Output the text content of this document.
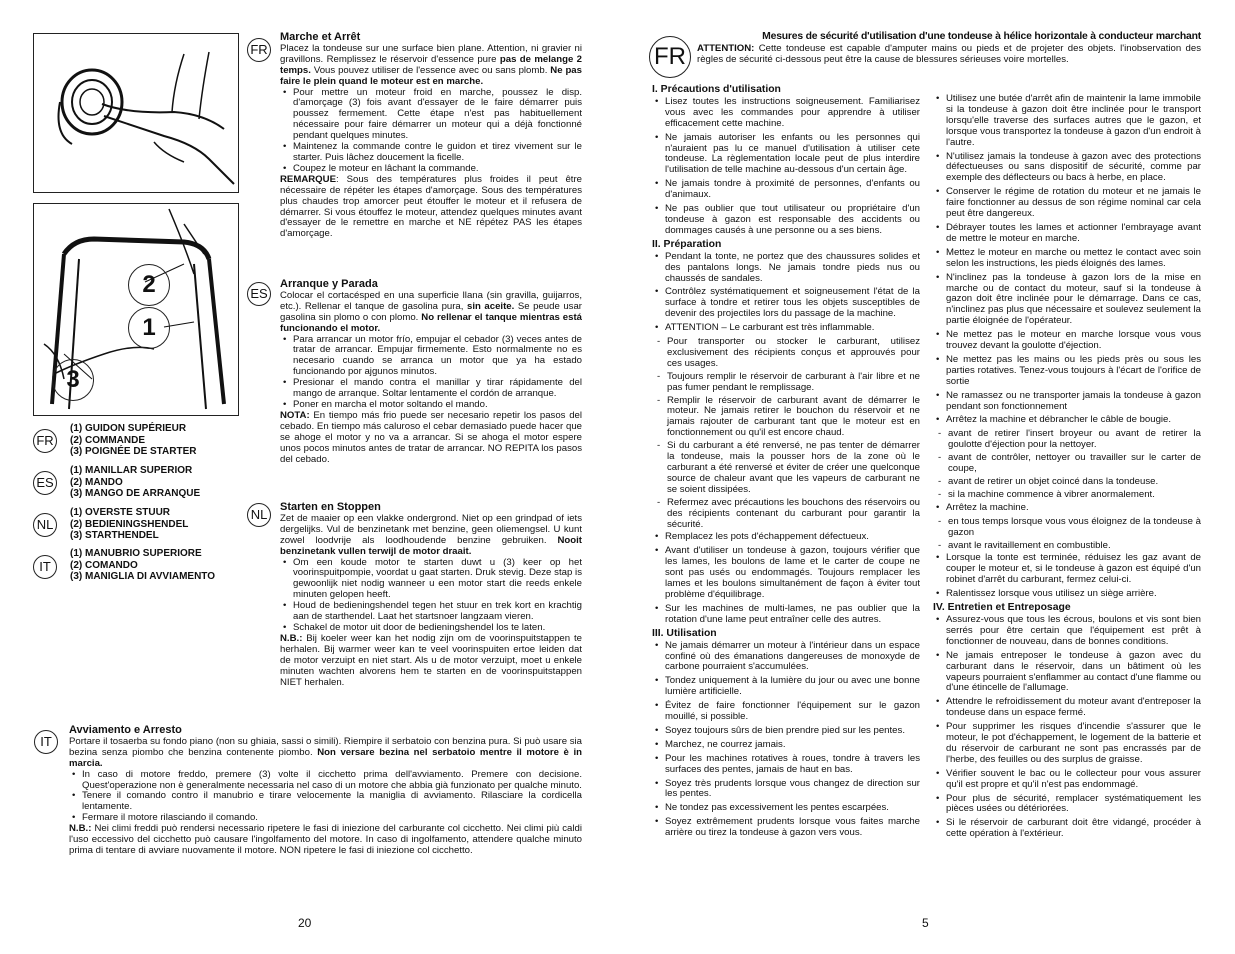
2
1
3
FR
(1) GUIDON SUPÉRIEUR
(2) COMMANDE
(3) POIGNÉE DE STARTER
ES
(1) MANILLAR SUPERIOR
(2) MANDO
(3) MANGO DE ARRANQUE
NL
(1) OVERSTE STUUR
(2) BEDIENINGSHENDEL
(3) STARTHENDEL
IT
(1) MANUBRIO SUPERIORE
(2) COMANDO
(3) MANIGLIA DI AVVIAMENTO
FR
Marche et Arrêt

Placez la tondeuse sur une surface bien plane. Attention, ni gravier ni gravillons. Remplissez le réservoir d'essence pure pas de melange 2 temps. Vous pouvez utiliser de l'essence avec ou sans plomb. Ne pas faire le plein quand le moteur est en marche.

• Pour mettre un moteur froid en marche, poussez le disp. d'amorçage (3) fois avant d'essayer de le faire démarrer puis poussez fermement. Cette étape n'est pas habituellement nécessaire pour faire démarrer un moteur qui a déjà fonctionné pendant quelques minutes.
• Maintenez la commande contre le guidon et tirez vivement sur le starter. Puis lâchez doucement la ficelle.
• Coupez le moteur en lâchant la commande.

REMARQUE: Sous des températures plus froides il peut être nécessaire de répéter les étapes d'amorçage. Sous des températures plus chaudes trop amorcer peut étouffer le moteur et il refusera de démarrer. Si vous étouffez le moteur, attendez quelques minutes avant d'essayer de le remettre en marche et NE répétez PAS les étapes d'amorçage.

ES
Arranque y Parada

Colocar el cortacésped en una superficie llana (sin gravilla, guijarros, etc.). Rellenar el tanque de gasolina pura, sin aceite. Se peude usar gasolina sin plomo o con plomo. No rellenar el tanque mientras está funcionando el motor.

• Para arrancar un motor frío, empujar el cebador (3) veces antes de tratar de arrancar. Empujar firmemente. Esto normalmente no es necesario cuando se arranca un motor que ya ha estado funcionando por ajgunos minutos.
• Presionar el mando contra el manillar y tirar rápidamente del mango de arranque. Soltar lentamente el cordón de arranque.
• Poner en marcha el motor soltando el mando.

NOTA: En tiempo más frio puede ser necesario repetir los pasos del cebado. En tiempo más caluroso el cebar demasiado puede hacer que se ahoge el motor y no va a arrancar. Si se ahoga el motor espere unos pocos minutos antes de tratar de arrancar. NO REPITA los pasos del cebado.

NL	Starten en Stoppen

Zet de maaier op een vlakke ondergrond. Niet op een grindpad of iets dergelijks. Vul de benzinetank met benzine, geen oliemengsel. U kunt zowel loodvrije als loodhoudende benzine gebruiken. Nooit benzinetank vullen terwijl de motor draait.

• Om een koude motor te starten duwt u (3) keer op het voorinspuitpompie, voordat u gaat starten. Druk stevig. Deze stap is gewoonlijk niet nodig wanneer u een motor start die reeds enkele minuten gelopen heeft.
• Houd de bedieningshendel tegen het stuur en trek kort en krachtig aan de starthendel. Laat het startsnoer langzaam vieren.
• Schakel de motor uit door de bedieningshendel los te laten.

N.B.: Bij koeler weer kan het nodig zijn om de voorinspuitstappen te herhalen. Bij warmer weer kan te veel voorinspuiten ertoe leiden dat de motor verzuipt en niet start. Als u de motor verzuipt, moet u enkele minuten wachten alvorens hem te starten en de voorinspuitstappen NIET herhalen.

IT
Avviamento e Arresto

Portare il tosaerba su fondo piano (non su ghiaia, sassi o simili). Riempire il serbatoio con benzina pura. Si può usare sia bezina senza piombo che benzina contenente piombo. Non versare bezina nel serbatoio mentre il motore è in marcia.

• In caso di motore freddo, premere (3) volte il cicchetto prima dell'avviamento. Premere con decisione. Quest'operazione non è generalmente necessaria nel caso di un motore che abbia già funzionato per qualche minuto.
• Tenere il comando contro il manubrio e tirare velocemente la maniglia di avviamento. Rilasciare la cordicella lentamente.
• Fermare il motore rilasciando il comando.

N.B.: Nei climi freddi può rendersi necessario ripetere le fasi di iniezione del carburante col cicchetto. Nei climi più caldi l'uso eccessivo del cicchetto può causare l'ingolfamento del motore. In caso di ingolfamento, attendere qualche minuto prima di tentare di avviare nuovamente il motore. NON ripetere le fasi di iniezione col cicchetto.

20
FR
Mesures de sécurité d'utilisation d'une tondeuse à hélice horizontale à conducteur marchant

ATTENTION: Cette tondeuse est capable d'amputer mains ou pieds et de projeter des objets. l'inobservation des règles de sécurité ci-dessous peut être la cause de blessures sérieuses voire mortelles.

I. Précautions d'utilisation
• Lisez toutes les instructions soigneusement. Familiarisez vous avec les commandes pour apprendre à utiliser efficacement cette machine.
• Ne jamais autoriser les enfants ou les personnes qui n'auraient pas lu ce manuel d'utilisation à utiliser cete tondeuse. La règlementation locale peut de plus interdire l'utilisation de telle machine au-dessous d'un certain âge.
• Ne jamais tondre à proximité de personnes, d'enfants ou d'animaux.
• Ne pas oublier que tout utilisateur ou propriétaire d'un tondeuse à gazon est responsable des accidents ou dommages causés à une personne ou a ses biens.
II. Préparation
• Pendant la tonte, ne portez que des chaussures solides et des pantalons longs. Ne jamais tondre pieds nus ou chaussés de sandales.
• Contrôlez systématiquement et soigneusement l'état de la surface à tondre et retirer tous les objets susceptibles de devenir des projectiles lors du passage de la machine.
• ATTENTION – Le carburant est très inflammable.
- Pour transporter ou stocker le carburant, utilisez exclusivement des récipients conçus et approuvés pour ces usages.
- Toujours remplir le réservoir de carburant à l'air libre et ne pas fumer pendant le remplissage.
- Remplir le réservoir de carburant avant de démarrer le moteur. Ne jamais retirer le bouchon du réservoir et ne jamais rajouter de carburant tant que le moteur est en fonctionnement ou qu'il est encore chaud.
- Si du carburant a été renversé, ne pas tenter de démarrer la tondeuse, mais la pousser hors de la zone où le carburant a été renversé et éviter de créer une quelconque source de chaleur avant que les vapeurs de carburant ne se soient dissipées.
- Refermez avec précautions les bouchons des réservoirs ou des récipients contenant du carburant pour garantir la sécurité.
• Remplacez les pots d'échappement défectueux.
• Avant d'utiliser un tondeuse à gazon, toujours vérifier que les lames, les boulons de lame et le carter de coupe ne sont pas usés ou endommagés. Toujours remplacer les lames et les boulons simultanément de façon à éviter tout problème d'équilibrage.
• Sur les machines de multi-lames, ne pas oublier que la rotation d'une lame peut entraîner celle des autres.
III. Utilisation
• Ne jamais démarrer un moteur à l'intérieur dans un espace confiné où des émanations dangereuses de monoxyde de carbone pourraient s'accumulées.
• Tondez uniquement à la lumière du jour ou avec une bonne lumière artificielle.
• Évitez de faire fonctionner l'équipement sur le gazon mouillé, si possible.
• Soyez toujours sûrs de bien prendre pied sur les pentes.
• Marchez, ne courrez jamais.
• Pour les machines rotatives à roues, tondre à travers les surfaces des pentes, jamais de haut en bas.
• Soyez très prudents lorsque vous changez de direction sur les pentes.
• Ne tondez pas excessivement les pentes escarpées.
• Soyez extrêmement prudents lorsque vous faites marche arrière ou tirez la tondeuse à gazon vers vous.
• Utilisez une butée d'arrêt afin de maintenir la lame immobile si la tondeuse à gazon doit être inclinée pour le transport lorsqu'elle traverse des surfaces autres que le gazon, et lorsque vous transportez la tondeuse à gazon d'un endroit à l'autre.
• N'utilisez jamais la tondeuse à gazon avec des protections défectueuses ou sans dispositif de sécurité, comme par exemple des déflecteurs ou bacs à herbe, en place.
• Conserver le régime de rotation du moteur et ne jamais le faire fonctionner au dessus de son régime nominal car cela peut être dangereux.
• Débrayer toutes les lames et actionner l'embrayage avant de mettre le moteur en marche.
• Mettez le moteur en marche ou mettez le contact avec soin selon les instructions, les pieds éloignés des lames.
• N'inclinez pas la tondeuse à gazon lors de la mise en marche ou de contact du moteur, sauf si la tondeuse à gazon doit être inclinée pour le démarrage. Dans ce cas, n'inclinez pas plus que nécessaire et soulevez seulement la partie éloignée de l'opérateur.
• Ne mettez pas le moteur en marche lorsque vous vous trouvez devant la goulotte d'éjection.
• Ne mettez pas les mains ou les pieds près ou sous les parties rotatives. Tenez-vous toujours à l'écart de l'orifice de sortie
• Ne ramassez ou ne transporter jamais la tondeuse à gazon pendant son fonctionnement
• Arrêtez la machine et débrancher le câble de bougie.
- avant de retirer l'insert broyeur ou avant de retirer la goulotte d'éjection pour la nettoyer.
- avant de contrôler, nettoyer ou travailler sur le carter de coupe,
- avant de retirer un objet coincé dans la tondeuse.
- si la machine commence à vibrer anormalement.
• Arrêtez la machine.
- en tous temps lorsque vous vous éloignez de la tondeuse à gazon
- avant le ravitaillement en combustible.
• Lorsque la tonte est terminée, réduisez les gaz avant de couper le moteur et, si le tondeuse à gazon est équipé d'un robinet d'arrêt du carburant, fermez celui-ci.
• Ralentissez lorsque vous utilisez un siège arrière.
IV. Entretien et Entreposage
• Assurez-vous que tous les écrous, boulons et vis sont bien serrés pour être certain que l'équipement est prêt à fonctionner de nouveau, dans de bonnes conditions.
• Ne jamais entreposer le tondeuse à gazon avec du carburant dans le réservoir, dans un bâtiment où les vapeurs pourraient s'enflammer au contact d'une flamme ou d'une étincelle de l'allumage.
• Attendre le refroidissement du moteur avant d'entreposer la tondeuse dans un espace fermé.
• Pour supprimer les risques d'incendie s'assurer que le moteur, le pot d'échappement, le logement de la batterie et du réservoir de carburant ne sont pas encrassés par de l'herbe, des feuilles ou des surplus de graisse.
• Vérifier souvent le bac ou le collecteur pour vous assurer qu'il est propre et qu'il n'est pas endommagé.
• Pour plus de sécurité, remplacer systématiquement les pièces usées ou détériorées.
• Si le réservoir de carburant doit être vidangé, procéder à cette opération à l'extérieur.
5
